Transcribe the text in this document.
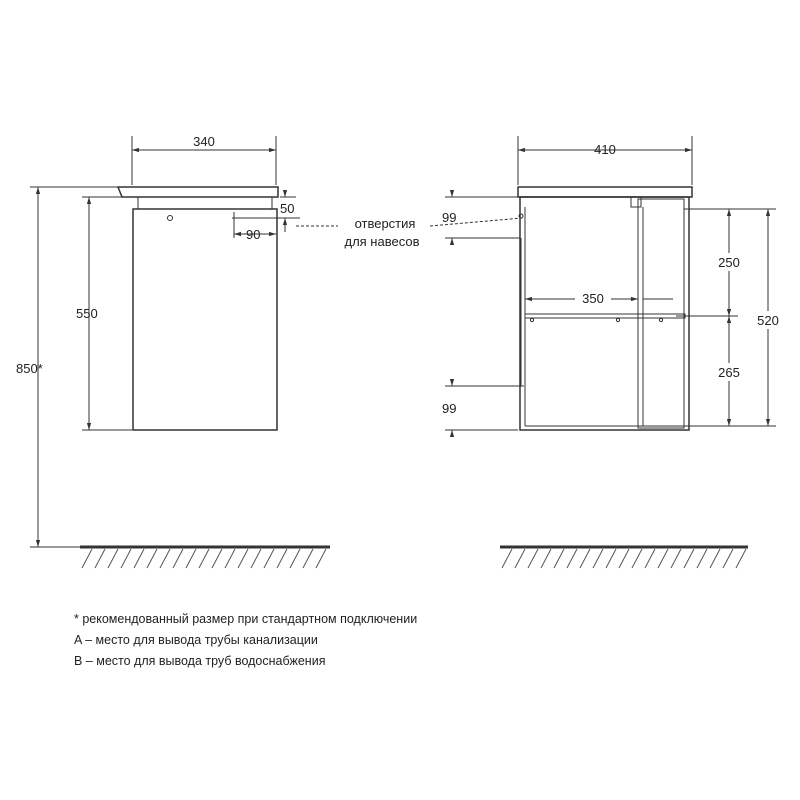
340
50
90
550
850*
отверстия
для навесов
410
99
99
350
250
265
520
* рекомендованный размер при стандартном подключении
A – место для вывода трубы канализации
B – место для вывода труб водоснабжения
